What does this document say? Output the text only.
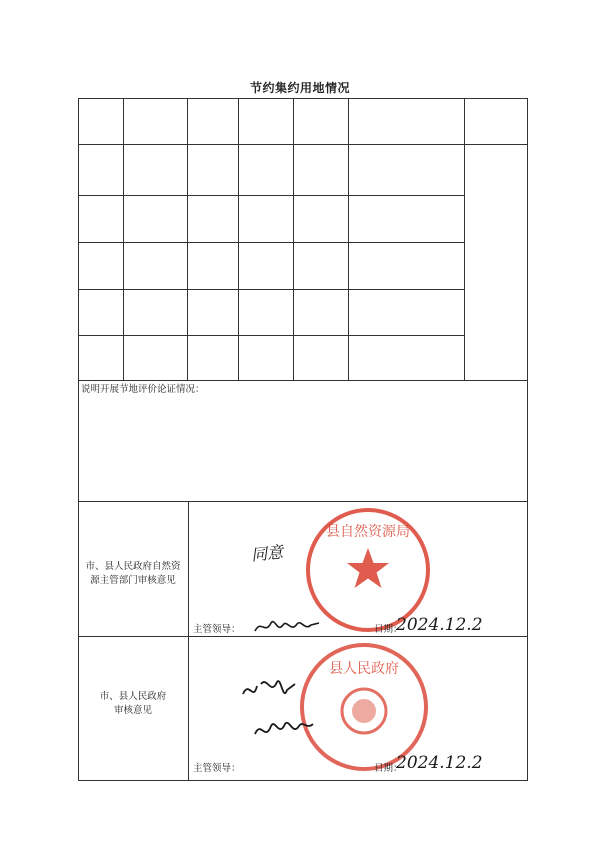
节约集约用地情况
说明开展节地评价论证情况：
市、县人民政府自然资
源主管部门审核意见
同意
县自然资源局
主管领导：	日期：
2024.12.2
市、县人民政府
审核意见
县人民政府
主管领导：	日期：
2024.12.2
